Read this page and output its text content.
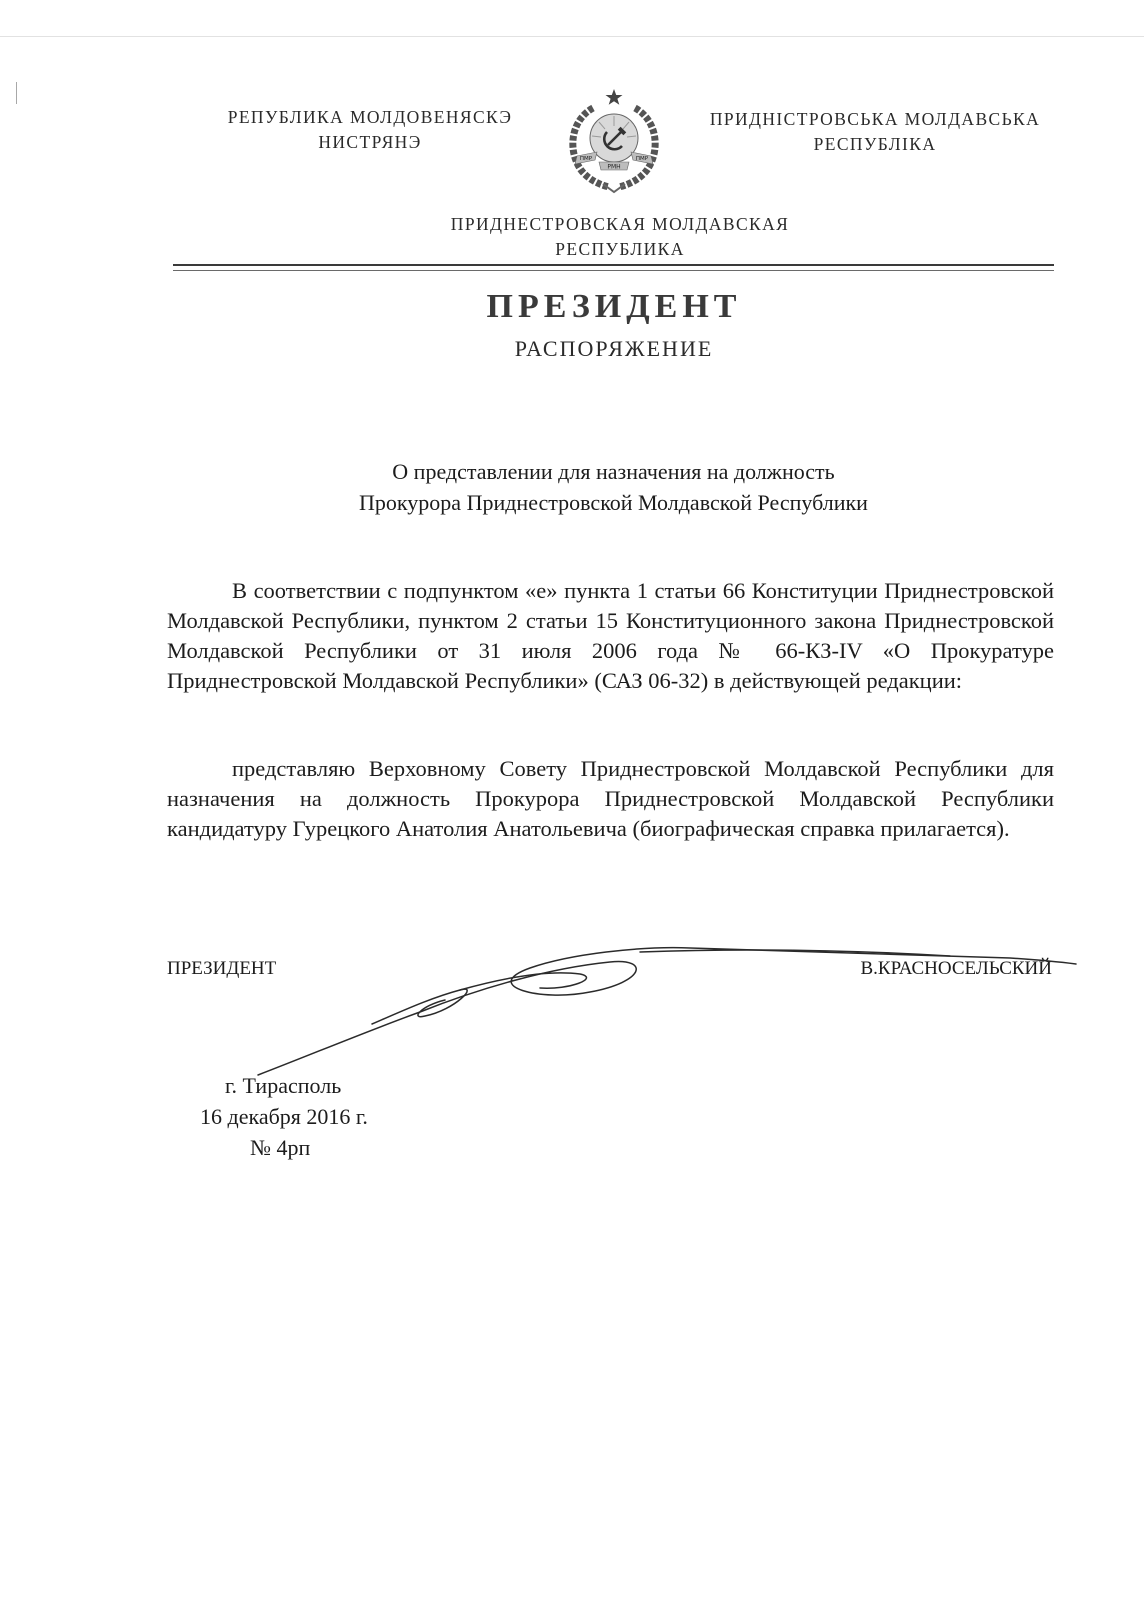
РЕПУБЛИКА МОЛДОВЕНЯСКЭ
НИСТРЯНЭ
ПМР	ПМР
РМН
ПРИДНІСТРОВСЬКА МОЛДАВСЬКА
РЕСПУБЛІКА
ПРИДНЕСТРОВСКАЯ МОЛДАВСКАЯ
РЕСПУБЛИКА
ПРЕЗИДЕНТ
РАСПОРЯЖЕНИЕ
О представлении для назначения на должность
Прокурора Приднестровской Молдавской Республики
В соответствии с подпунктом «е» пункта 1 статьи 66 Конституции Приднестровской Молдавской Республики, пунктом 2 статьи 15 Конституционного закона Приднестровской Молдавской Республики от 31 июля 2006 года № 66-КЗ-IV «О Прокуратуре Приднестровской Молдавской Республики» (САЗ 06-32) в действующей редакции:
представляю Верховному Совету Приднестровской Молдавской Республики для назначения на должность Прокурора Приднестровской Молдавской Республики кандидатуру Гурецкого Анатолия Анатольевича (биографическая справка прилагается).
ПРЕЗИДЕНТ	В.КРАСНОСЕЛЬСКИЙ
г. Тирасполь
16 декабря 2016 г.
№ 4рп
